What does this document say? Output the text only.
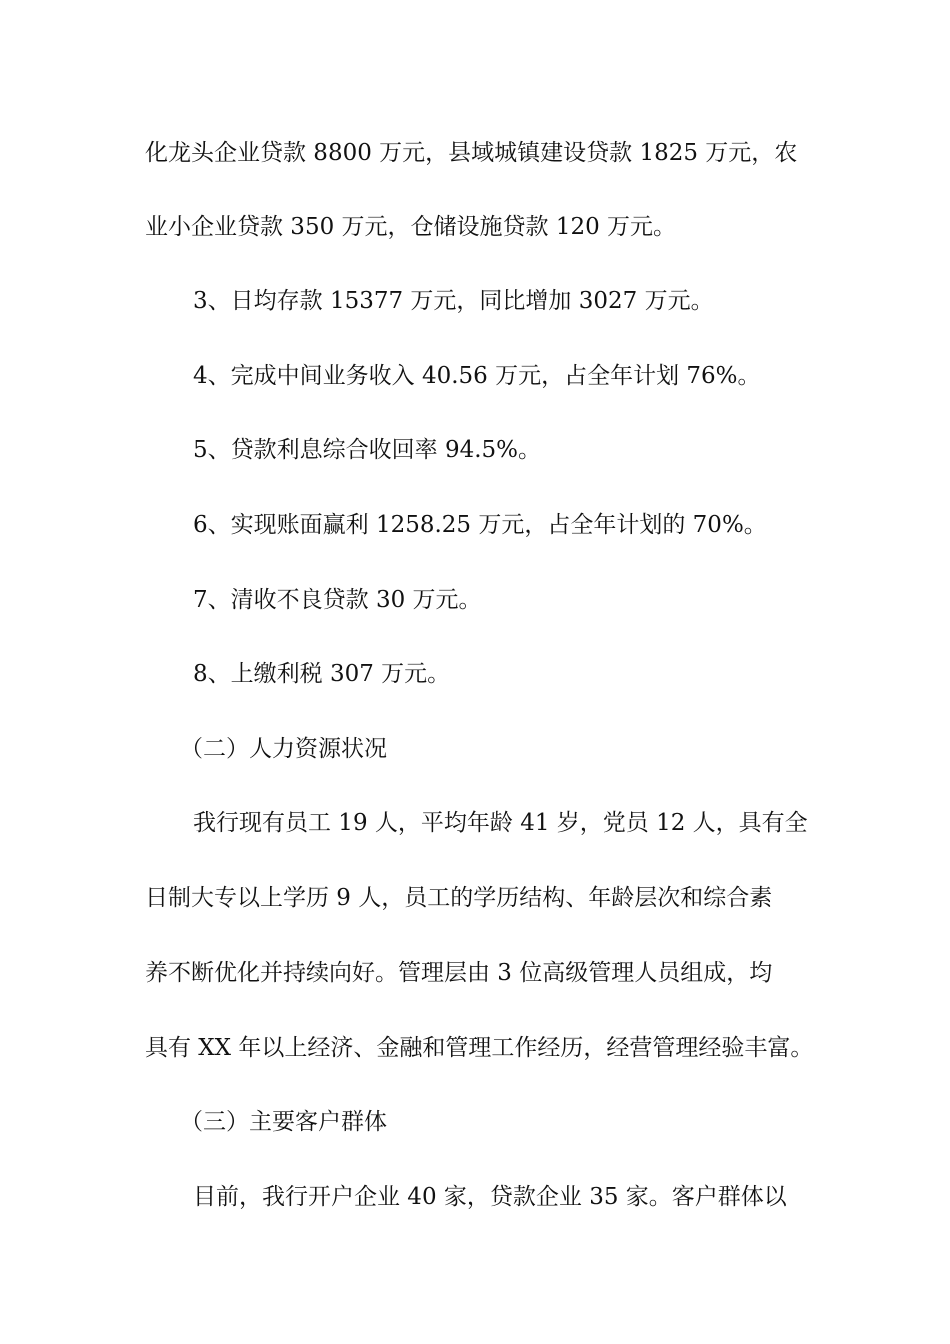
化龙头企业贷款 8800 万元，县域城镇建设贷款 1825 万元，农
业小企业贷款 350 万元，仓储设施贷款 120 万元。
3、日均存款 15377 万元，同比增加 3027 万元。
4、完成中间业务收入 40.56 万元，占全年计划 76%。
5、贷款利息综合收回率 94.5%。
6、实现账面赢利 1258.25 万元，占全年计划的 70%。
7、清收不良贷款 30 万元。
8、上缴利税 307 万元。
（二）人力资源状况
我行现有员工 19 人，平均年龄 41 岁，党员 12 人，具有全
日制大专以上学历 9 人，员工的学历结构、年龄层次和综合素
养不断优化并持续向好。管理层由 3 位高级管理人员组成，均
具有 XX 年以上经济、金融和管理工作经历，经营管理经验丰富。
（三）主要客户群体
目前，我行开户企业 40 家，贷款企业 35 家。客户群体以
